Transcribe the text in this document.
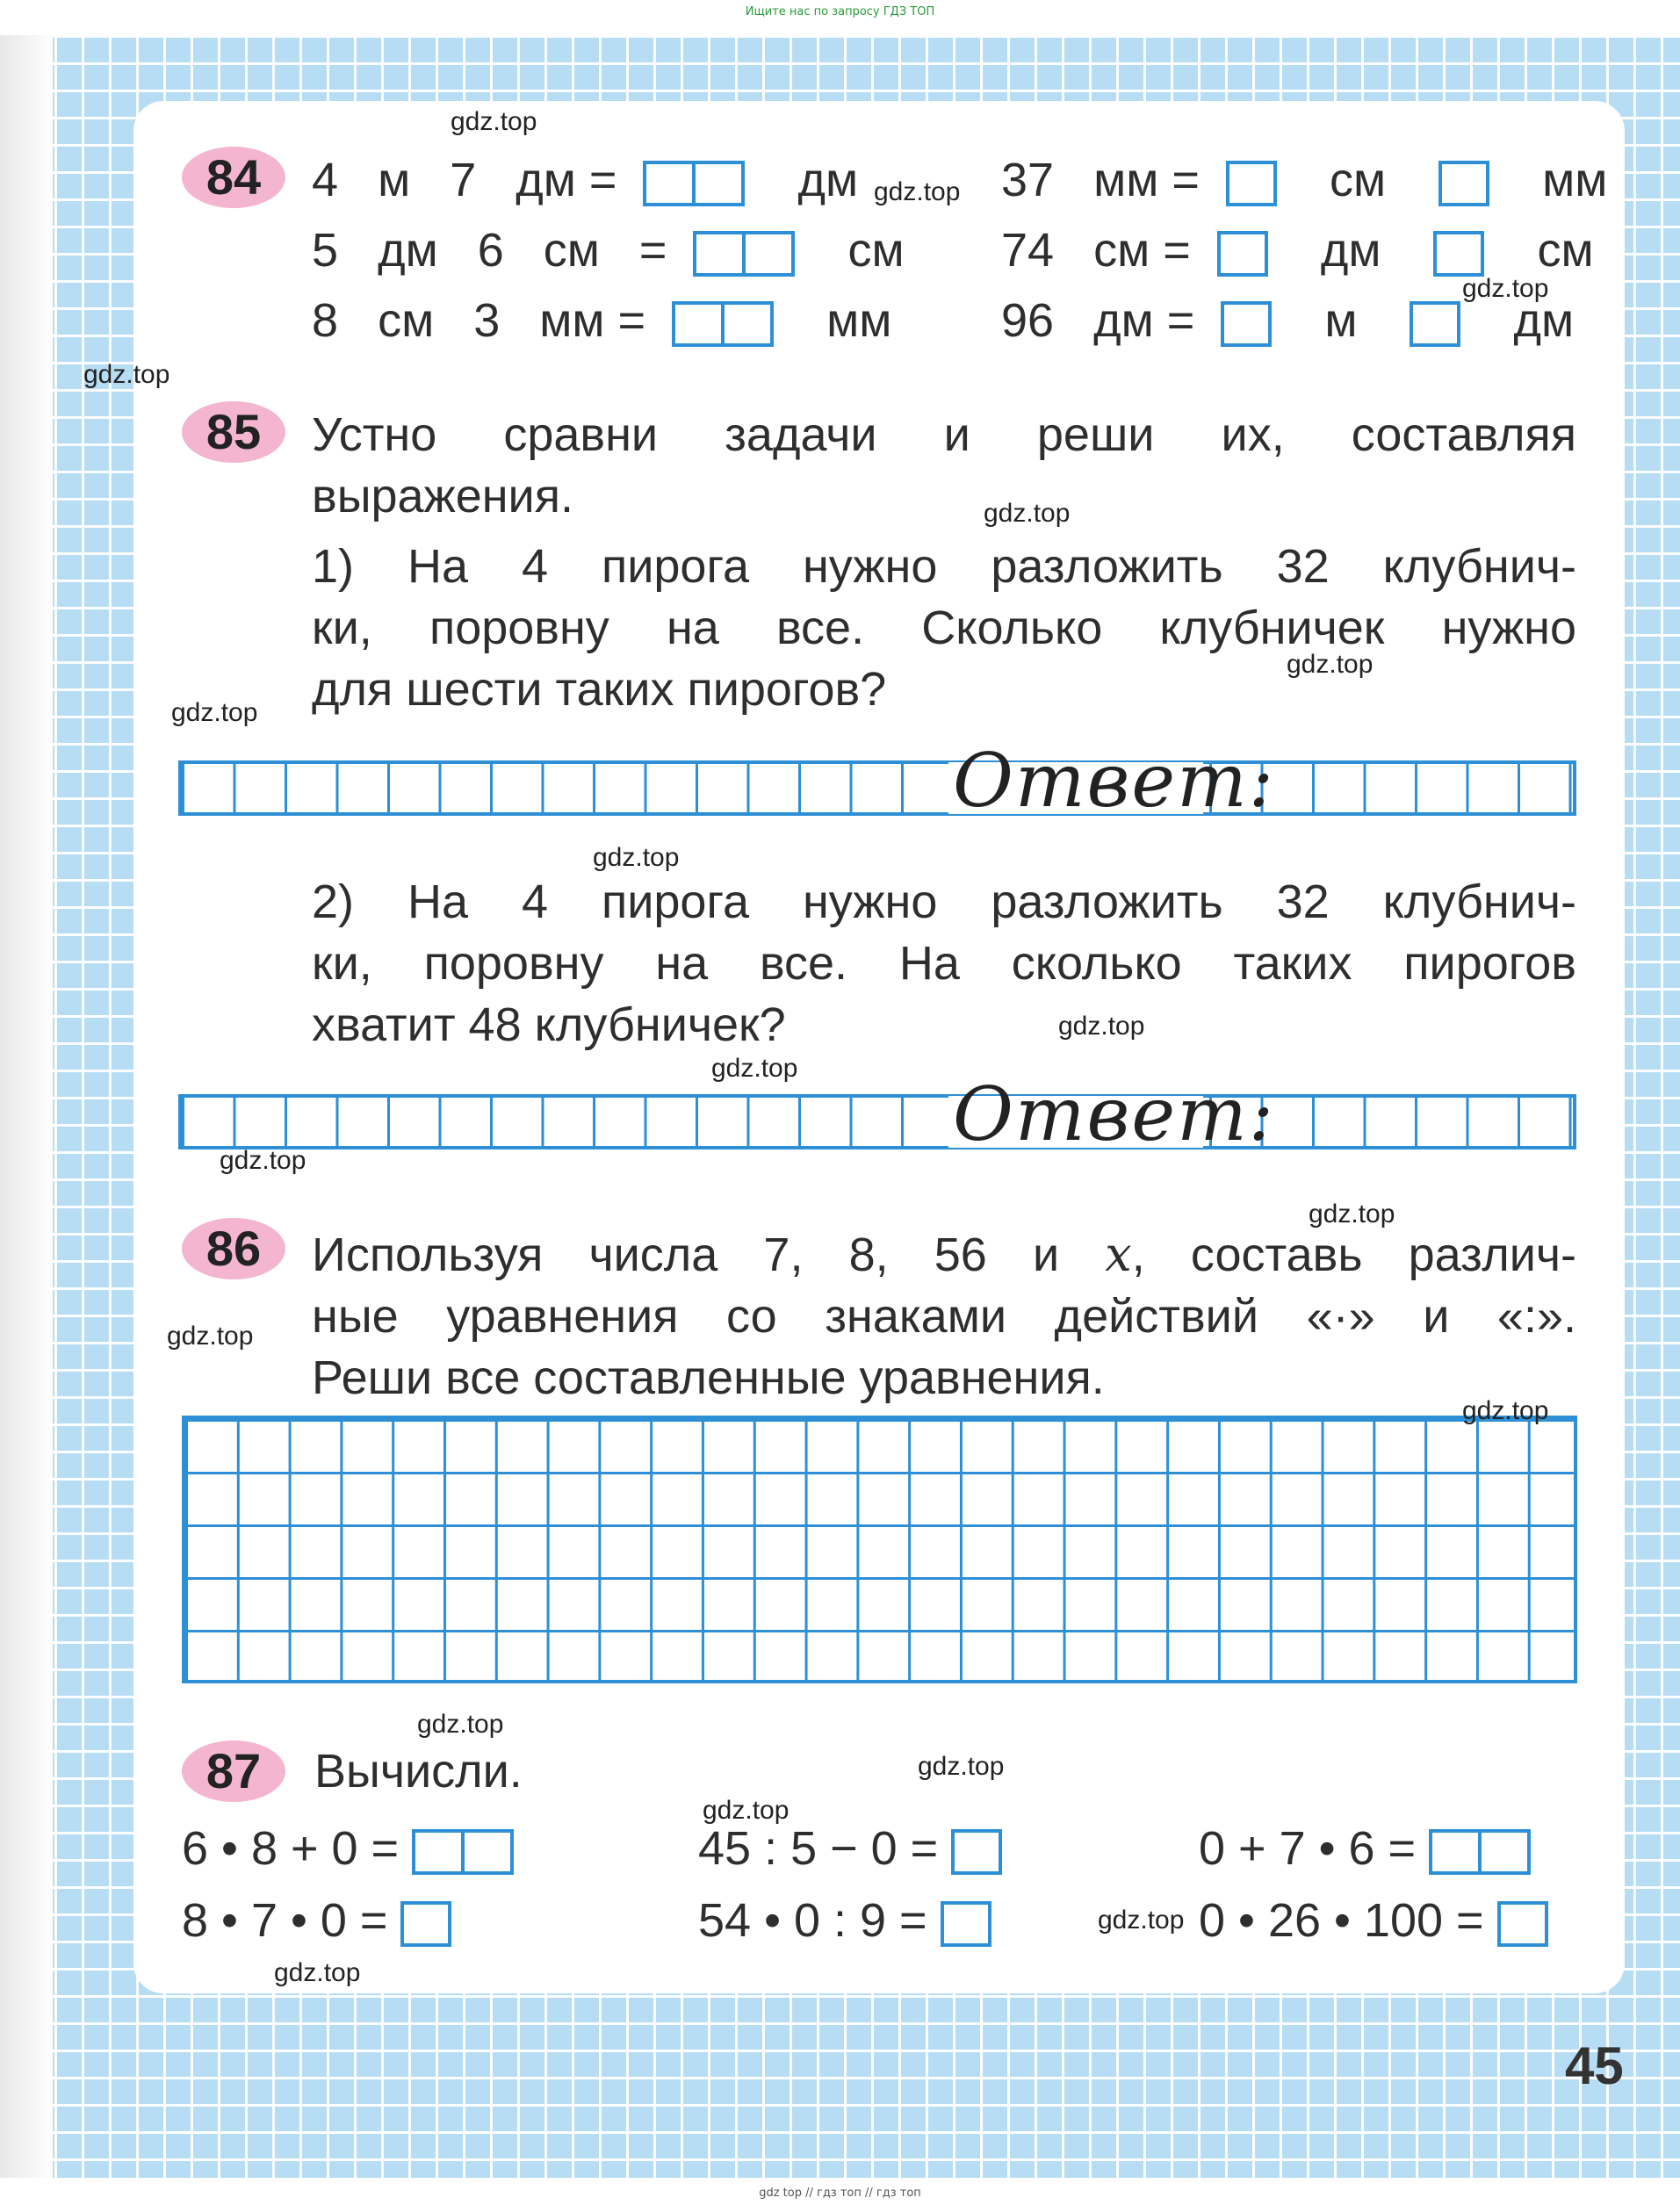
Ищите нас по запросу ГДЗ ТОП
gdz top // гдз топ // гдз топ
84	4 м 7 дм =	дм	37 мм =	см	мм
5 дм 6 см =	см 74 см =	дм	см
8 см 3 мм =	мм 96 дм =	м	дм
85	Устно сравни задачи и реши их, составляя
выражения.
1) На 4 пирога нужно разложить 32 клубнич-
ки, поровну на все. Сколько клубничек нужно
для шести таких пирогов?
Ответ:
2) На 4 пирога нужно разложить 32 клубнич-
ки, поровну на все. На сколько таких пирогов
хватит 48 клубничек?
Ответ:
86	Используя числа 7, 8, 56 и x, составь различ-
ные уравнения со знаками действий «·» и «:».
Реши все составленные уравнения.
87	Вычисли.
6 • 8 + 0 =	45 : 5 − 0 =	0 + 7 • 6 =
8 • 7 • 0 =	54 • 0 : 9 =	0 • 26 • 100 =
gdz.top
gdz.top
gdz.top
gdz.top
gdz.top
gdz.top
gdz.top
gdz.top
gdz.top
gdz.top
gdz.top
gdz.top
gdz.top
gdz.top
gdz.top
gdz.top
gdz.top
gdz.top
gdz.top
45
